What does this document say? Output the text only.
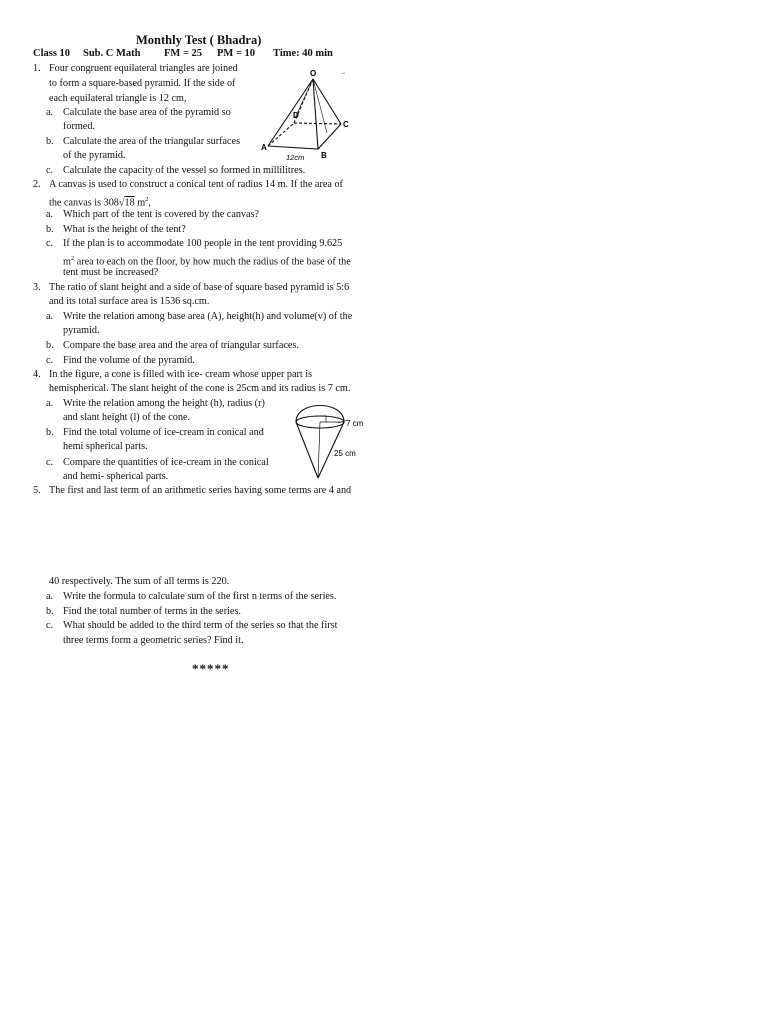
Monthly Test ( Bhadra)
Class 10 Sub. C Math FM = 25 PM = 10 Time: 40 min
1. Four congruent equilateral triangles are joined
to form a square-based pyramid. If the side of
each equilateral triangle is 12 cm,
a. Calculate the base area of the pyramid so
formed.
b. Calculate the area of the triangular surfaces
of the pyramid.
c. Calculate the capacity of the vessel so formed in millilitres.
O
A
B
C
D
12cm
→
2. A canvas is used to construct a conical tent of radius 14 m. If the area of
the canvas is 308√18 $m^2$,
a. Which part of the tent is covered by the canvas?
b. What is the height of the tent?
c. If the plan is to accommodate 100 people in the tent providing 9.625
$m^2$ area to each on the floor, by how much the radius of the base of the
tent must be increased?
3. The ratio of slant height and a side of base of square based pyramid is 5:6
and its total surface area is 1536 sq.cm.
a. Write the relation among base area (A), height(h) and volume(v) of the
pyramid.
b. Compare the base area and the area of triangular surfaces.
c. Find the volume of the pyramid.
4. In the figure, a cone is filled with ice- cream whose upper part is
hemispherical. The slant height of the cone is 25cm and its radius is 7 cm.
a. Write the relation among the height (h), radius (r)
and slant height (l) of the cone.
b. Find the total volume of ice-cream in conical and
hemi spherical parts.
c. Compare the quantities of ice-cream in the conical
and hemi- spherical parts.
7 cm
25 cm
5. The first and last term of an arithmetic series having some terms are 4 and
40 respectively. The sum of all terms is 220.
a. Write the formula to calculate sum of the first n terms of the series.
b. Find the total number of terms in the series.
c. What should be added to the third term of the series so that the first
three terms form a geometric series? Find it.
*****
